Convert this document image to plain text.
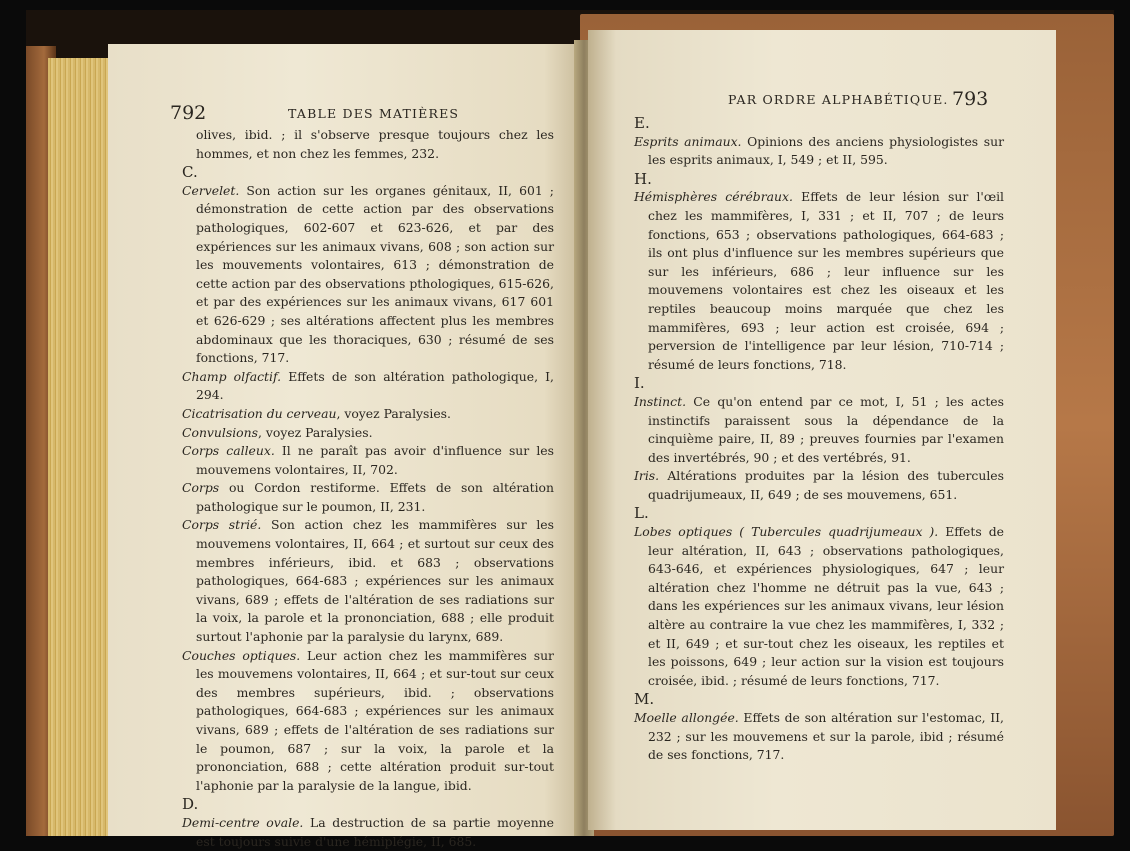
792	TABLE DES MATIÈRES

olives, ibid. ; il s'observe presque toujours chez les hommes, et non chez les femmes, 232.

C.

Cervelet. Son action sur les organes génitaux, II, 601 ; démonstration de cette action par des observations pathologiques, 602-607 et 623-626, et par des expériences sur les animaux vivans, 608 ; son action sur les mouvements volontaires, 613 ; démonstration de cette action par des observations pthologiques, 615-626, et par des expériences sur les animaux vivans, 617 601 et 626-629 ; ses altérations affectent plus les membres abdominaux que les thoraciques, 630 ; résumé de ses fonctions, 717.

Champ olfactif. Effets de son altération pathologique, I, 294.

Cicatrisation du cerveau, voyez Paralysies.

Convulsions, voyez Paralysies.

Corps calleux. Il ne paraît pas avoir d'influence sur les mouvemens volontaires, II, 702.

Corps ou Cordon restiforme. Effets de son altération pathologique sur le poumon, II, 231.

Corps strié. Son action chez les mammifères sur les mouvemens volontaires, II, 664 ; et surtout sur ceux des membres inférieurs, ibid. et 683 ; observations pathologiques, 664-683 ; expériences sur les animaux vivans, 689 ; effets de l'altération de ses radiations sur la voix, la parole et la prononciation, 688 ; elle produit surtout l'aphonie par la paralysie du larynx, 689.

Couches optiques. Leur action chez les mammifères sur les mouvemens volontaires, II, 664 ; et sur-tout sur ceux des membres supérieurs, ibid. ; observations pathologiques, 664-683 ; expériences sur les animaux vivans, 689 ; effets de l'altération de ses radiations sur le poumon, 687 ; sur la voix, la parole et la prononciation, 688 ; cette altération produit sur-tout l'aphonie par la paralysie de la langue, ibid.

D.

Demi-centre ovale. La destruction de sa partie moyenne est toujours suivie d'une hémiplégie, II, 685.

PAR ORDRE ALPHABÉTIQUE. 793

E.

Esprits animaux. Opinions des anciens physiologistes sur les esprits animaux, I, 549 ; et II, 595.

H.

Hémisphères cérébraux. Effets de leur lésion sur l'œil chez les mammifères, I, 331 ; et II, 707 ; de leurs fonctions, 653 ; observations pathologiques, 664-683 ; ils ont plus d'influence sur les membres supérieurs que sur les inférieurs, 686 ; leur influence sur les mouvemens volontaires est chez les oiseaux et les reptiles beaucoup moins marquée que chez les mammifères, 693 ; leur action est croisée, 694 ; perversion de l'intelligence par leur lésion, 710-714 ; résumé de leurs fonctions, 718.

I.

Instinct. Ce qu'on entend par ce mot, I, 51 ; les actes instinctifs paraissent sous la dépendance de la cinquième paire, II, 89 ; preuves fournies par l'examen des invertébrés, 90 ; et des vertébrés, 91.

Iris. Altérations produites par la lésion des tubercules quadrijumeaux, II, 649 ; de ses mouvemens, 651.

L.

Lobes optiques ( Tubercules quadrijumeaux ). Effets de leur altération, II, 643 ; observations pathologiques, 643-646, et expériences physiologiques, 647 ; leur altération chez l'homme ne détruit pas la vue, 643 ; dans les expériences sur les animaux vivans, leur lésion altère au contraire la vue chez les mammifères, I, 332 ; et II, 649 ; et sur-tout chez les oiseaux, les reptiles et les poissons, 649 ; leur action sur la vision est toujours croisée, ibid. ; résumé de leurs fonctions, 717.

M.

Moelle allongée. Effets de son altération sur l'estomac, II, 232 ; sur les mouvemens et sur la parole, ibid ; résumé de ses fonctions, 717.
